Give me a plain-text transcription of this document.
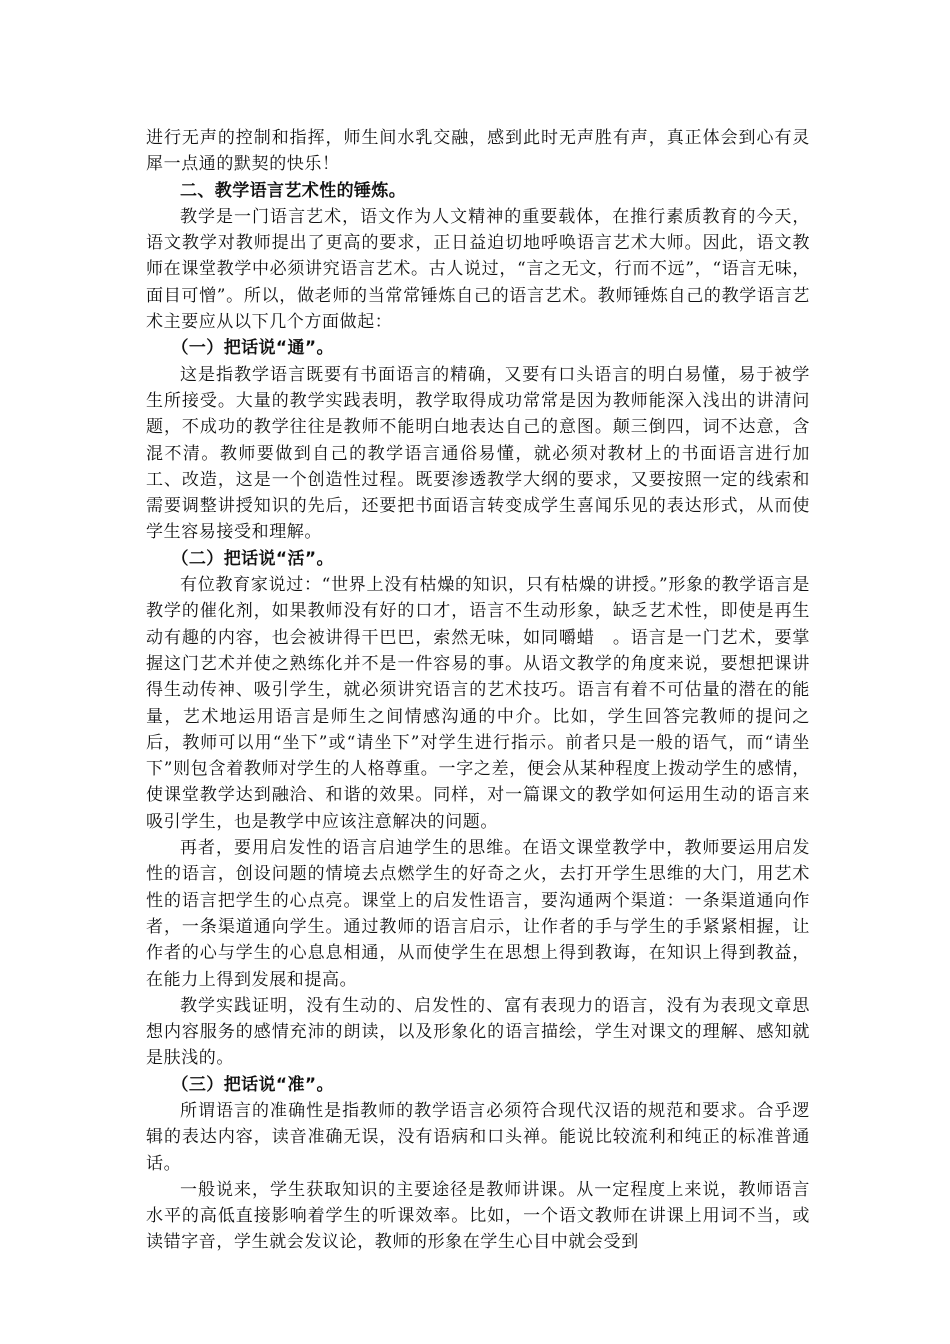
进行无声的控制和指挥，师生间水乳交融，感到此时无声胜有声，真正体会到心有灵犀一点通的默契的快乐！

二、教学语言艺术性的锤炼。

教学是一门语言艺术，语文作为人文精神的重要载体，在推行素质教育的今天，语文教学对教师提出了更高的要求，正日益迫切地呼唤语言艺术大师。因此，语文教师在课堂教学中必须讲究语言艺术。古人说过，“言之无文，行而不远”，“语言无味，面目可憎”。所以，做老师的当常常锤炼自己的语言艺术。教师锤炼自己的教学语言艺术主要应从以下几个方面做起：

（一）把话说“通”。

这是指教学语言既要有书面语言的精确，又要有口头语言的明白易懂，易于被学生所接受。大量的教学实践表明，教学取得成功常常是因为教师能深入浅出的讲清问题，不成功的教学往往是教师不能明白地表达自己的意图。颠三倒四，词不达意，含混不清。教师要做到自己的教学语言通俗易懂，就必须对教材上的书面语言进行加工、改造，这是一个创造性过程。既要渗透教学大纲的要求，又要按照一定的线索和需要调整讲授知识的先后，还要把书面语言转变成学生喜闻乐见的表达形式，从而使学生容易接受和理解。

（二）把话说“活”。

有位教育家说过：“世界上没有枯燥的知识，只有枯燥的讲授。”形象的教学语言是教学的催化剂，如果教师没有好的口才，语言不生动形象，缺乏艺术性，即使是再生动有趣的内容，也会被讲得干巴巴，索然无味，如同嚼蜡　。语言是一门艺术，要掌握这门艺术并使之熟练化并不是一件容易的事。从语文教学的角度来说，要想把课讲得生动传神、吸引学生，就必须讲究语言的艺术技巧。语言有着不可估量的潜在的能量，艺术地运用语言是师生之间情感沟通的中介。比如，学生回答完教师的提问之后，教师可以用“坐下”或“请坐下”对学生进行指示。前者只是一般的语气，而“请坐下”则包含着教师对学生的人格尊重。一字之差，便会从某种程度上拨动学生的感情，使课堂教学达到融洽、和谐的效果。同样，对一篇课文的教学如何运用生动的语言来吸引学生，也是教学中应该注意解决的问题。

再者，要用启发性的语言启迪学生的思维。在语文课堂教学中，教师要运用启发性的语言，创设问题的情境去点燃学生的好奇之火，去打开学生思维的大门，用艺术性的语言把学生的心点亮。课堂上的启发性语言，要沟通两个渠道：一条渠道通向作者，一条渠道通向学生。通过教师的语言启示，让作者的手与学生的手紧紧相握，让作者的心与学生的心息息相通，从而使学生在思想上得到教诲，在知识上得到教益，在能力上得到发展和提高。

教学实践证明，没有生动的、启发性的、富有表现力的语言，没有为表现文章思想内容服务的感情充沛的朗读，以及形象化的语言描绘，学生对课文的理解、感知就是肤浅的。

（三）把话说“准”。

所谓语言的准确性是指教师的教学语言必须符合现代汉语的规范和要求。合乎逻辑的表达内容，读音准确无误，没有语病和口头禅。能说比较流利和纯正的标准普通话。

一般说来，学生获取知识的主要途径是教师讲课。从一定程度上来说，教师语言水平的高低直接影响着学生的听课效率。比如，一个语文教师在讲课上用词不当，或读错字音，学生就会发议论，教师的形象在学生心目中就会受到
